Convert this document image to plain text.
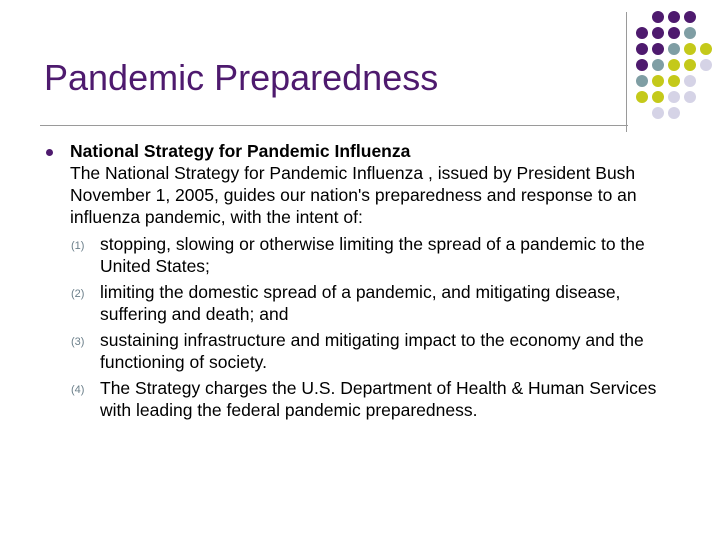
Pandemic Preparedness
National Strategy for Pandemic Influenza
The National Strategy for Pandemic Influenza , issued by President Bush November 1, 2005, guides our nation's preparedness and response to an influenza pandemic, with the intent of:
(1) stopping, slowing or otherwise limiting the spread of a pandemic to the United States;
(2) limiting the domestic spread of a pandemic, and mitigating disease, suffering and death; and
(3) sustaining infrastructure and mitigating impact to the economy and the functioning of society.
(4) The Strategy charges the U.S. Department of Health & Human Services with leading the federal pandemic preparedness.
